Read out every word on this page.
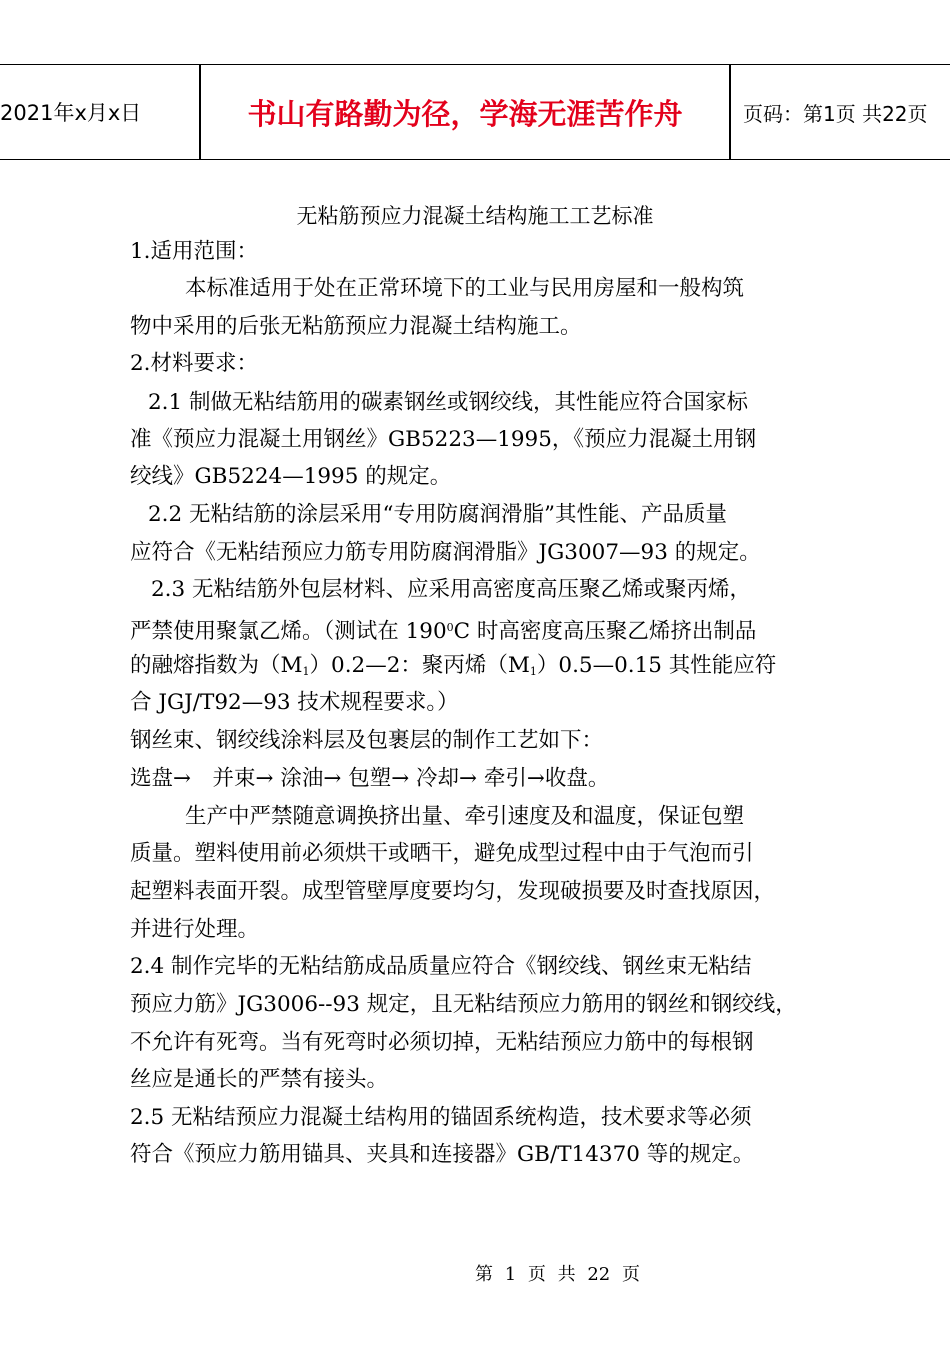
2021年x月x日	书山有路勤为径，学海无涯苦作舟	页码：第1页 共22页
无粘筋预应力混凝土结构施工工艺标准
1.适用范围：
本标准适用于处在正常环境下的工业与民用房屋和一般构筑
物中采用的后张无粘筋预应力混凝土结构施工。
2.材料要求：
2.1 制做无粘结筋用的碳素钢丝或钢绞线，其性能应符合国家标
准《预应力混凝土用钢丝》GB5223—1995，《预应力混凝土用钢
绞线》GB5224—1995 的规定。
2.2 无粘结筋的涂层采用“专用防腐润滑脂”其性能、产品质量
应符合《无粘结预应力筋专用防腐润滑脂》JG3007—93 的规定。
2.3 无粘结筋外包层材料、应采用高密度高压聚乙烯或聚丙烯，
严禁使用聚氯乙烯。（测试在 $190^0C$ 时高密度高压聚乙烯挤出制品
的融熔指数为$(M_1)0.2—2$：聚丙烯$(M_1)0.5—0.15$ 其性能应符
合 JGJ/T92—93 技术规程要求。）
钢丝束、钢绞线涂料层及包裹层的制作工艺如下：
选盘→　并束→ 涂油→ 包塑→ 冷却→ 牵引→收盘。
生产中严禁随意调换挤出量、牵引速度及和温度，保证包塑
质量。塑料使用前必须烘干或晒干，避免成型过程中由于气泡而引
起塑料表面开裂。成型管壁厚度要均匀，发现破损要及时查找原因，
并进行处理。
2.4 制作完毕的无粘结筋成品质量应符合《钢绞线、钢丝束无粘结
预应力筋》JG3006--93 规定，且无粘结预应力筋用的钢丝和钢绞线，
不允许有死弯。当有死弯时必须切掉，无粘结预应力筋中的每根钢
丝应是通长的严禁有接头。
2.5 无粘结预应力混凝土结构用的锚固系统构造，技术要求等必须
符合《预应力筋用锚具、夹具和连接器》GB/T14370 等的规定。
第 1 页 共 22 页
